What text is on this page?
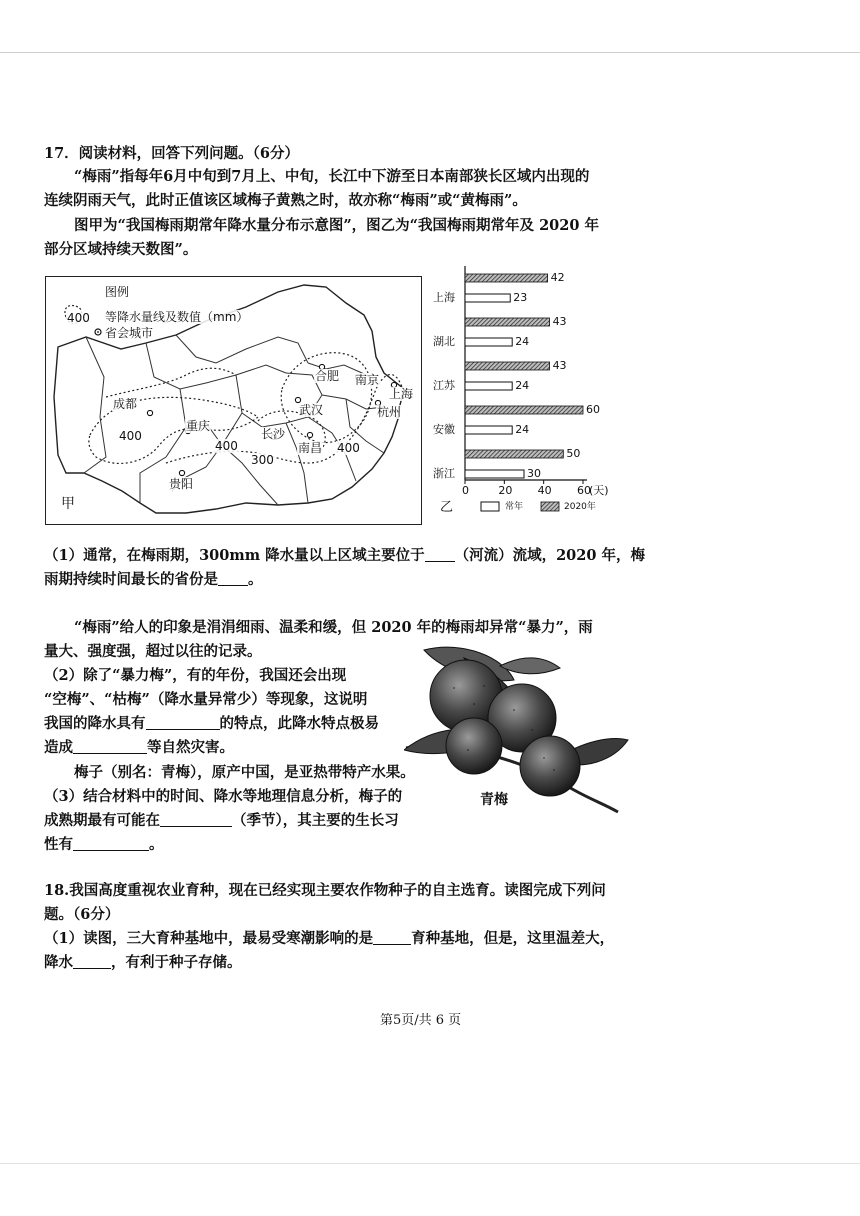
17．阅读材料，回答下列问题。（6分）
“梅雨”指每年6月中旬到7月上、中旬，长江中下游至日本南部狭长区域内出现的
连续阴雨天气，此时正值该区域梅子黄熟之时，故亦称“梅雨”或“黄梅雨”。
图甲为“我国梅雨期常年降水量分布示意图”，图乙为“我国梅雨期常年及 2020 年
部分区域持续天数图”。
图例
400 等降水量线及数值（mm）
省会城市
成都
重庆
贵阳
长沙
武汉
南昌
合肥 南京
杭州
上海
400
400
300
400
甲	乙
42
23
上海
43
24
湖北
43
24
江苏
60
24
安徽
50
30
浙江
0	20 40 60
(天)
常年	2020年
（1）通常，在梅雨期，300mm 降水量以上区域主要位于 （河流）流域，2020 年，梅
雨期持续时间最长的省份是 。
“梅雨”给人的印象是涓涓细雨、温柔和缓，但 2020 年的梅雨却异常“暴力”，雨
量大、强度强，超过以往的记录。
（2）除了“暴力梅”，有的年份，我国还会出现
“空梅”、“枯梅”（降水量异常少）等现象，这说明
我国的降水具有	的特点，此降水特点极易
造成	等自然灾害。
梅子（别名：青梅），原产中国，是亚热带特产水果。
（3）结合材料中的时间、降水等地理信息分析，梅子的
成熟期最有可能在	（季节），其主要的生长习
性有	。
青梅
18.我国高度重视农业育种，现在已经实现主要农作物种子的自主选育。读图完成下列问
题。（6分）
（1）读图，三大育种基地中，最易受寒潮影响的是	育种基地，但是，这里温差大，
降水	，有利于种子存储。
第5页/共 6 页
